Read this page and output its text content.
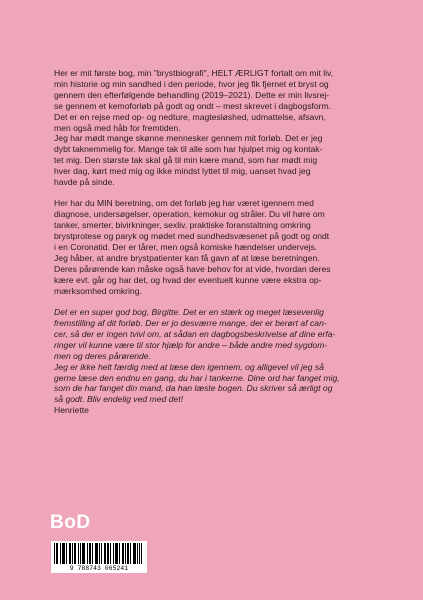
Her er mit første bog, min "brystbiografi", HELT ÆRLIGT fortalt om mit liv,
min historie og min sandhed i den periode, hvor jeg fik fjernet et bryst og
gennem den efterfølgende behandling (2019–2021). Dette er min livsrej-
se gennem et kemoforløb på godt og ondt – mest skrevet i dagbogsform.
Det er en rejse med op- og nedture, magtesløshed, udmattelse, afsavn,
men også med håb for fremtiden.

Jeg har mødt mange skønne mennesker gennem mit forløb. Det er jeg
dybt taknemmelig for. Mange tak til alle som har hjulpet mig og kontak-
tet mig. Den største tak skal gå til min kære mand, som har mødt mig
hver dag, kørt med mig og ikke mindst lyttet til mig, uanset hvad jeg
havde på sinde.

Her har du MIN beretning, om det forløb jeg har været igennem med
diagnose, undersøgelser, operation, kemokur og stråler. Du vil høre om
tanker, smerter, bivirkninger, sexliv, praktiske foranstaltning omkring
brystprotese og paryk og mødet med sundhedsvæsenet på godt og ondt
i en Coronatid. Der er tårer, men også komiske hændelser undervejs.

Jeg håber, at andre brystpatienter kan få gavn af at læse beretningen.
Deres pårørende kan måske også have behov for at vide, hvordan deres
kære evt. går og har det, og hvad der eventuelt kunne være ekstra op-
mærksomhed omkring.

Det er en super god bog, Birgitte. Det er en stærk og meget læsevenlig
fremstilling af dit forløb. Der er jo desværre mange, der er berørt af can-
cer, så der er ingen tvivl om, at sådan en dagbogsbeskrivelse af dine erfa-
ringer vil kunne være til stor hjælp for andre – både andre med sygdom-
men og deres pårørende.

Jeg er ikke helt færdig med at læse den igennem, og alligevel vil jeg så
gerne læse den endnu en gang, du har i tankerne. Dine ord har fanget mig,
som de har fanget din mand, da han læste bogen. Du skriver så ærligt og
så godt. Bliv endelig ved med det!

Henriette

BoD
9 788743 065241
